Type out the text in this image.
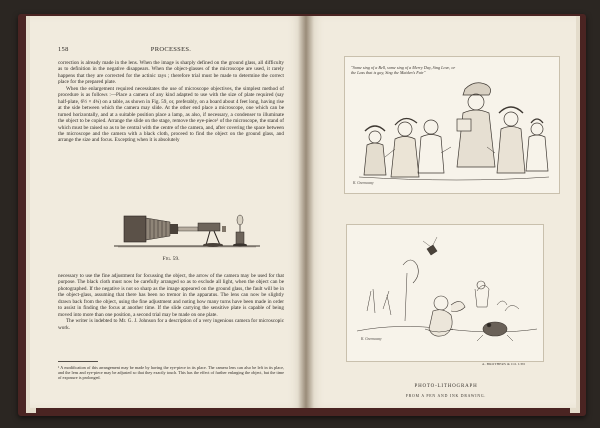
158	PROCESSES.

correction is already made in the lens. When the image is sharply defined on the ground glass, all difficulty as to definition in the negative disappears. When the object-glasses of the microscope are used, it rarely happens that they are corrected for the actinic rays ; therefore trial must be made to determine the correct place for the prepared plate.

When the enlargement required necessitates the use of microscope objectives, the simplest method of procedure is as follows :—Place a camera of any kind adapted to use with the size of plate required (say half-plate, 6½ × 4¾) on a table, as shown in Fig. 59, or, preferably, on a board about 4 feet long, having rise at the side between which the camera may slide. At the other end place a microscope, one which can be turned horizontally, and at a suitable position place a lamp, as also, if necessary, a condenser to illuminate the object to be copied. Arrange the slide on the stage, remove the eye-piece¹ of the microscope, the stand of which must be raised so as to be central with the centre of the camera, and, after covering the space between the microscope and the camera with a black cloth, proceed to find the object on the ground glass, and arrange the size and focus. Excepting when it is absolutely

Fig. 59.

necessary to use the fine adjustment for focussing the object, the arrow of the camera may be used for that purpose. The black cloth must now be carefully arranged so as to exclude all light, when the object can be photographed. If the negative is not so sharp as the image appeared on the ground glass, the fault will be in the object-glass, assuming that there has been no tremor in the apparatus. The lens can now be slightly drawn back from the object, using the fine adjustment and noting how many turns have been made in order to assist in finding the focus at another time. If the slide carrying the sensitive plate is capable of being moved into more than one position, a second trial may be made on one plate.

The writer is indebted to Mr. G. J. Johnson for a description of a very ingenious camera for microscopic work.

¹ A modification of this arrangement may be made by having the eye-piece in its place. The camera lens can also be left in its place, and the lens and eye-piece may be adjusted so that they exactly touch. This has the effect of further enlarging the object, but the time of exposure is prolonged.

"Some sing of a Bell, some sing of a Merry Day, Sing Love, or the Lass that is gay, Sing the Maiden's Fair"
K. Greenaway
K. Greenaway
A. BROTHERS & CO. LTD
PHOTO-LITHOGRAPH
FROM A PEN AND INK DRAWING.
